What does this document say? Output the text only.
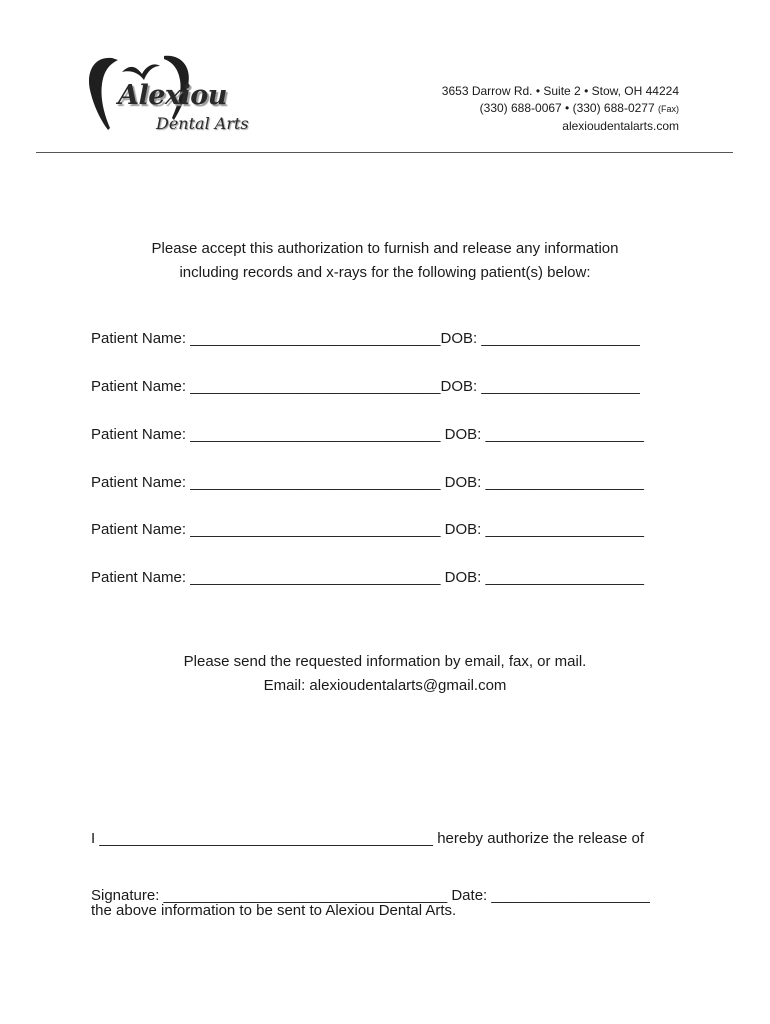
Alexiou
Dental Arts
3653 Darrow Rd. • Suite 2 • Stow, OH 44224
(330) 688-0067 • (330) 688-0277 (Fax)
alexioudentalarts.com
Please accept this authorization to furnish and release any information
including records and x-rays for the following patient(s) below:
Patient Name: ______________________________DOB: ___________________
Patient Name: ______________________________DOB: ___________________
Patient Name: ______________________________ DOB: ___________________
Patient Name: ______________________________ DOB: ___________________
Patient Name: ______________________________ DOB: ___________________
Patient Name: ______________________________ DOB: ___________________
Please send the requested information by email, fax, or mail.
Email: alexioudentalarts@gmail.com

I ________________________________________ hereby authorize the release of

the above information to be sent to Alexiou Dental Arts.

Signature: __________________________________ Date: ___________________
